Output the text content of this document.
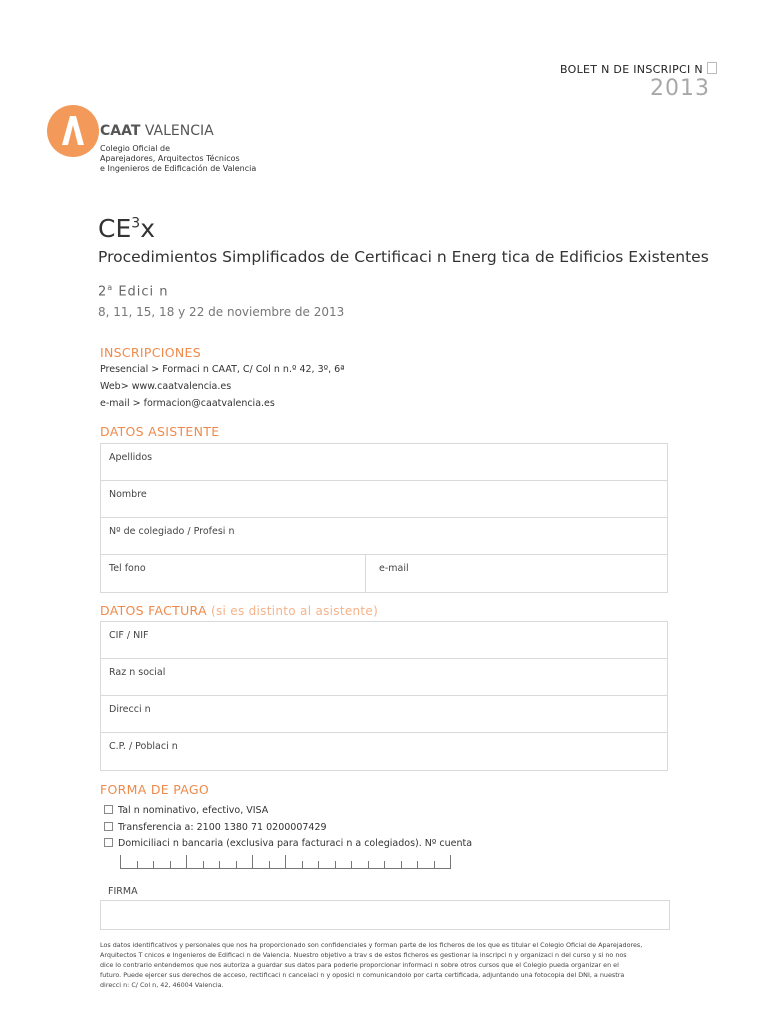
BOLET N DE INSCRIPCI N
2013
CAAT VALENCIA
Colegio Oficial de
Aparejadores, Arquitectos Técnicos
e Ingenieros de Edificación de Valencia
$CE^3x$
Procedimientos Simplificados de Certificaci n Energ tica de Edificios Existentes
2$^a$ Edici n
8, 11, 15, 18 y 22 de noviembre de 2013
INSCRIPCIONES
Presencial > Formaci n CAAT, C/ Col n n.º 42, 3º, 6ª
Web> www.caatvalencia.es
e-mail > formacion@caatvalencia.es
DATOS ASISTENTE
Apellidos
Nombre
Nº de colegiado / Profesi n
Tel fono	e-mail
DATOS FACTURA (si es distinto al asistente)
CIF / NIF
Raz n social
Direcci n
C.P. / Poblaci n
FORMA DE PAGO
Tal n nominativo, efectivo, VISA
Transferencia a: 2100 1380 71 0200007429
Domiciliaci n bancaria (exclusiva para facturaci n a colegiados). Nº cuenta
FIRMA
Los datos identificativos y personales que nos ha proporcionado son confidenciales y forman parte de los ficheros de los que es titular el Colegio Oficial de Aparejadores,
Arquitectos T cnicos e Ingenieros de Edificaci n de Valencia. Nuestro objetivo a trav s de estos ficheros es gestionar la inscripci n y organizaci n del curso y si no nos
dice lo contrario entendemos que nos autoriza a guardar sus datos para poderle proporcionar informaci n sobre otros cursos que el Colegio pueda organizar en el
futuro. Puede ejercer sus derechos de acceso, rectificaci n cancelaci n y oposici n comunicandolo por carta certificada, adjuntando una fotocopia del DNI, a nuestra
direcci n: C/ Col n, 42, 46004 Valencia.
